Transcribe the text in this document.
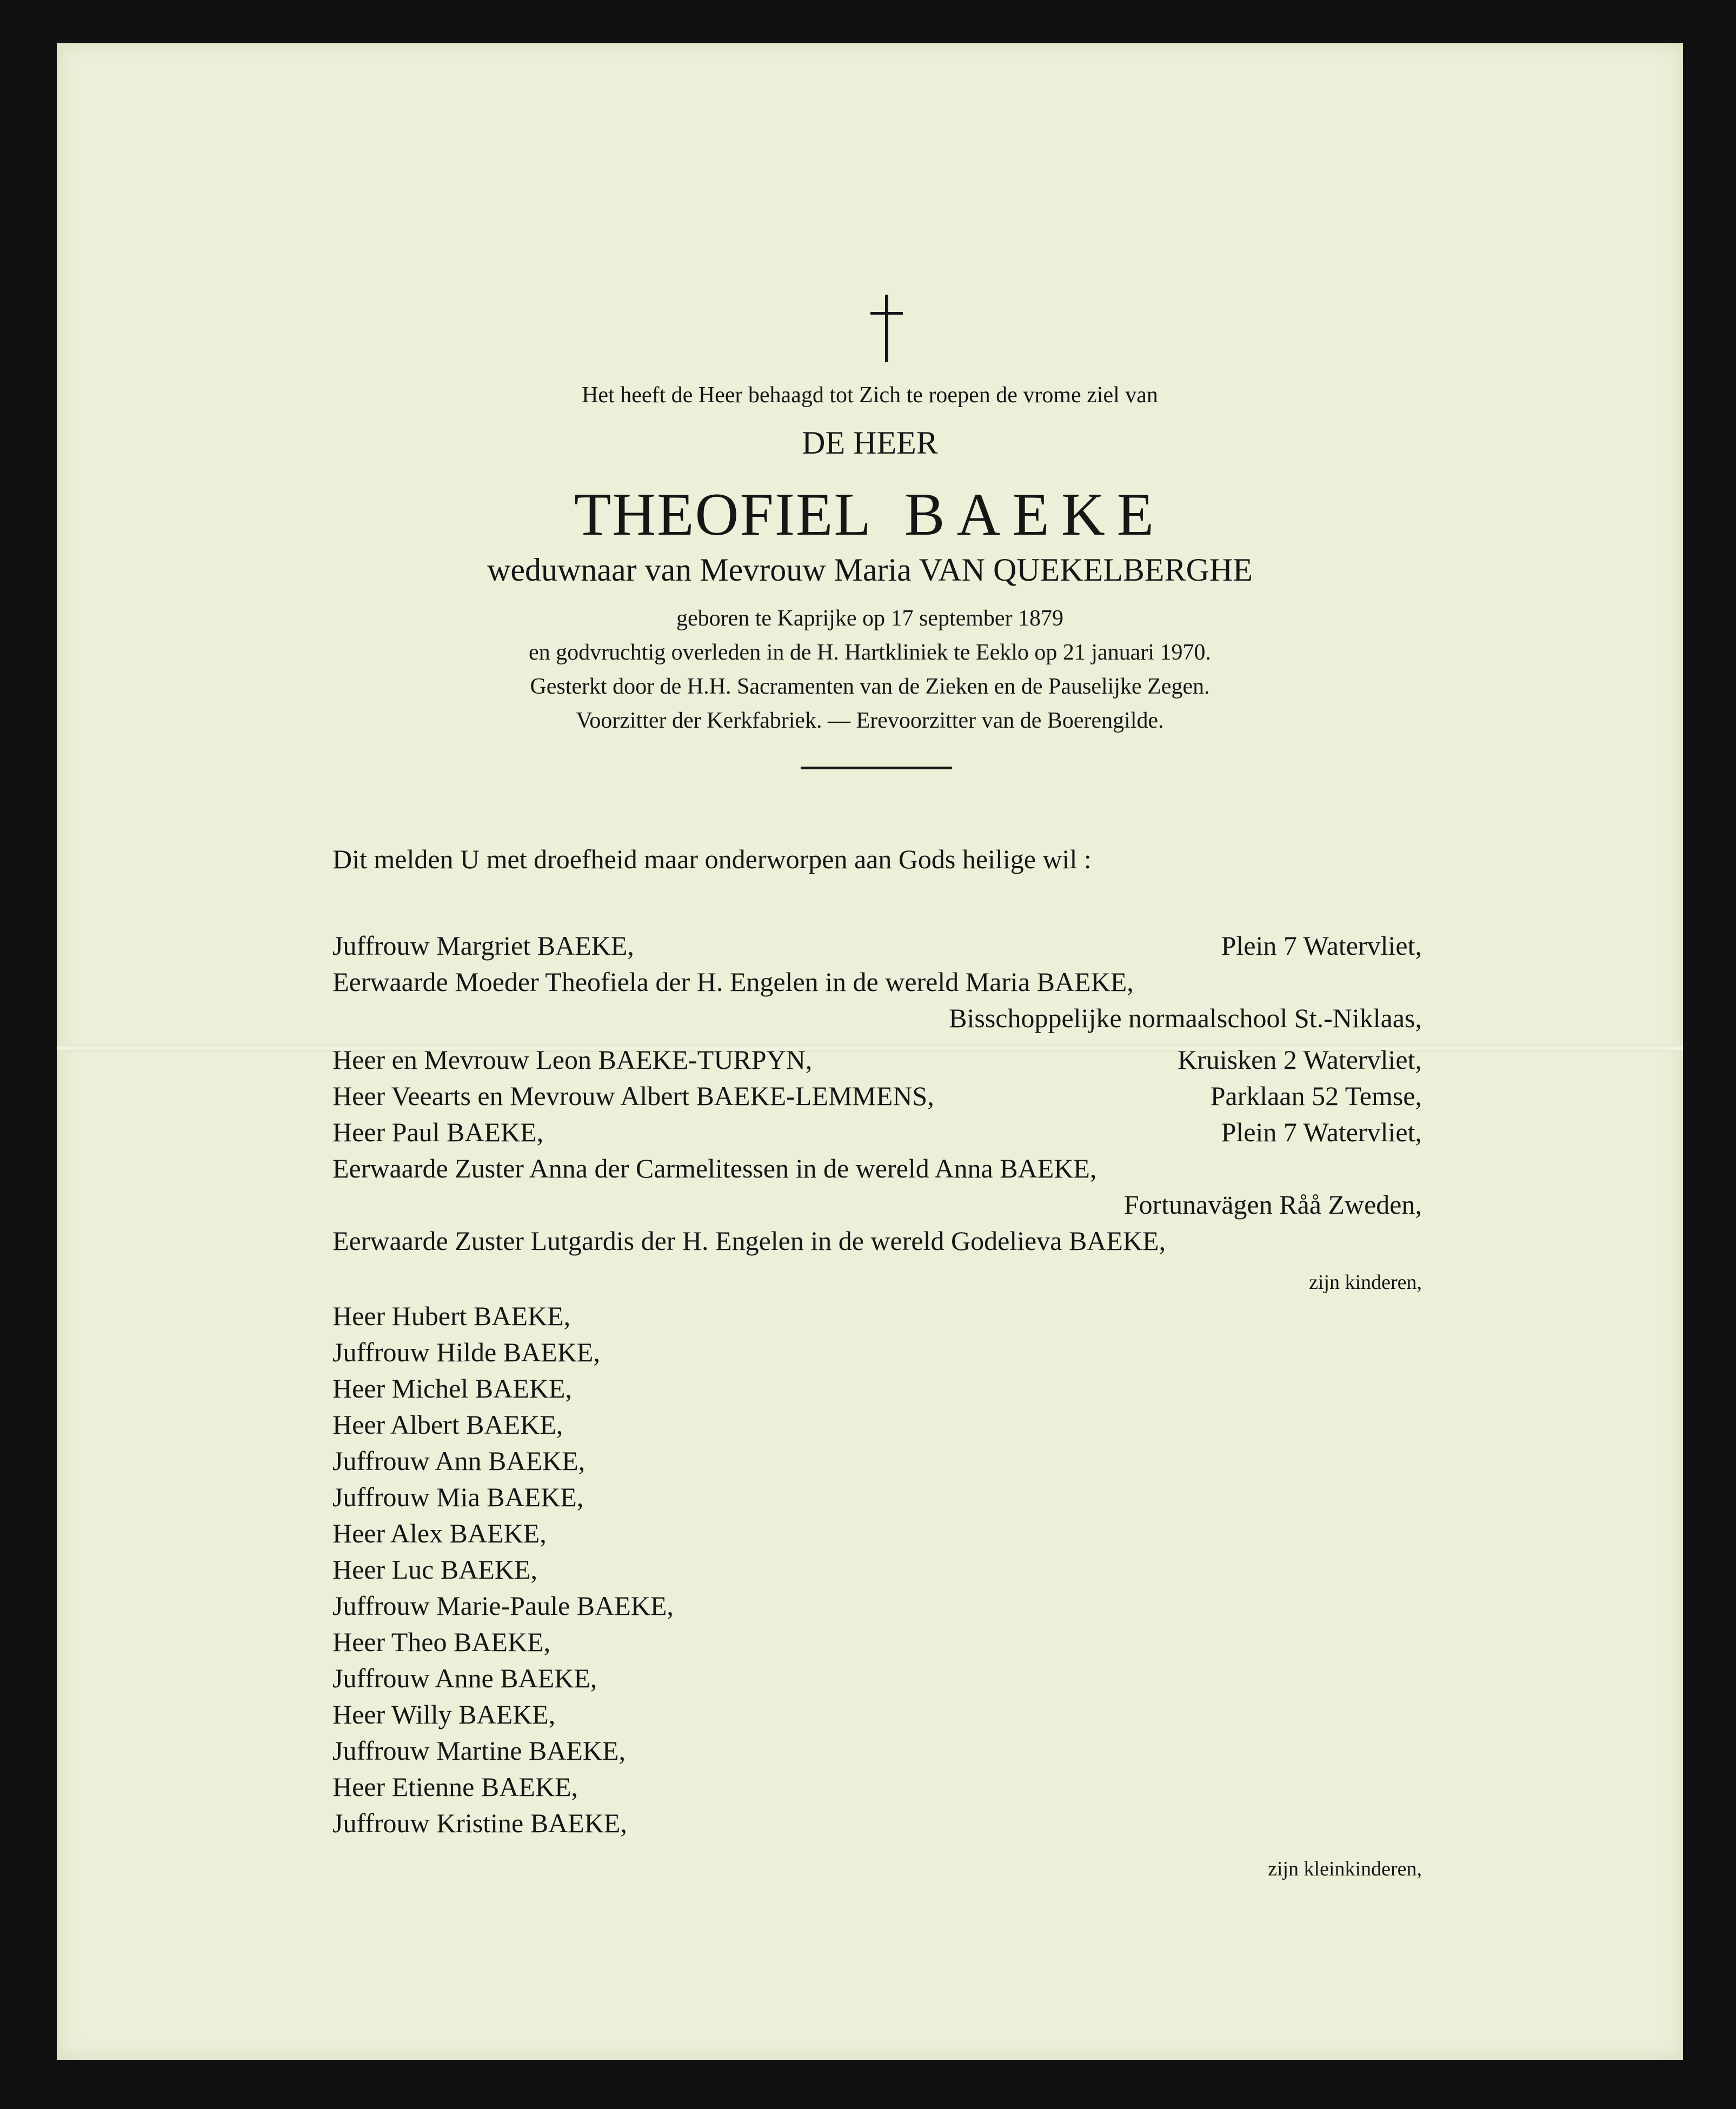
Het heeft de Heer behaagd tot Zich te roepen de vrome ziel van
DE HEER
THEOFIEL BAEKE
weduwnaar van Mevrouw Maria VAN QUEKELBERGHE
geboren te Kaprijke op 17 september 1879
en godvruchtig overleden in de H. Hartkliniek te Eeklo op 21 januari 1970.
Gesterkt door de H.H. Sacramenten van de Zieken en de Pauselijke Zegen.
Voorzitter der Kerkfabriek. — Erevoorzitter van de Boerengilde.
Dit melden U met droefheid maar onderworpen aan Gods heilige wil :
Juffrouw Margriet BAEKE,	Plein 7 Watervliet,
Eerwaarde Moeder Theofiela der H. Engelen in de wereld Maria BAEKE,
Bisschoppelijke normaalschool St.-Niklaas,
Heer en Mevrouw Leon BAEKE-TURPYN,	Kruisken 2 Watervliet,
Heer Veearts en Mevrouw Albert BAEKE-LEMMENS,	Parklaan 52 Temse,
Heer Paul BAEKE,	Plein 7 Watervliet,
Eerwaarde Zuster Anna der Carmelitessen in de wereld Anna BAEKE,
Fortunavägen Råå Zweden,
Eerwaarde Zuster Lutgardis der H. Engelen in de wereld Godelieva BAEKE,
zijn kinderen,
Heer Hubert BAEKE,
Juffrouw Hilde BAEKE,
Heer Michel BAEKE,
Heer Albert BAEKE,
Juffrouw Ann BAEKE,
Juffrouw Mia BAEKE,
Heer Alex BAEKE,
Heer Luc BAEKE,
Juffrouw Marie-Paule BAEKE,
Heer Theo BAEKE,
Juffrouw Anne BAEKE,
Heer Willy BAEKE,
Juffrouw Martine BAEKE,
Heer Etienne BAEKE,
Juffrouw Kristine BAEKE,
zijn kleinkinderen,
